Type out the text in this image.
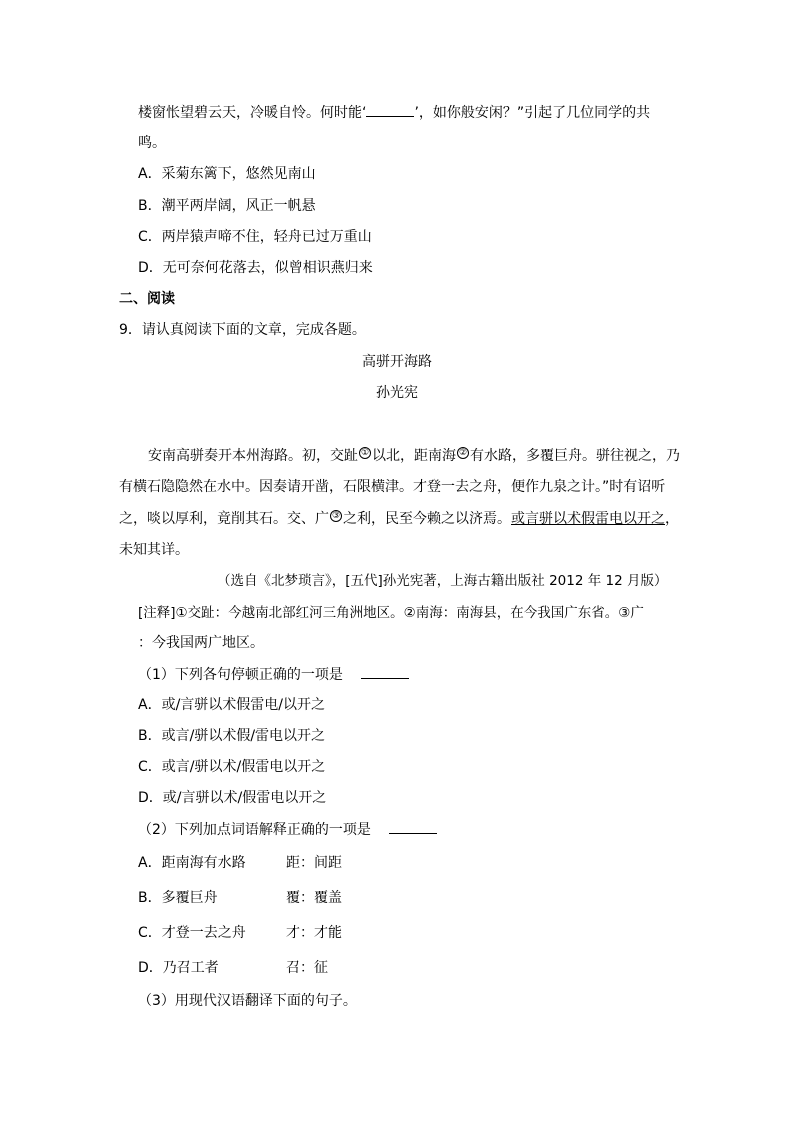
楼窗怅望碧云天，冷暖自怜。何时能‘	’，如你般安闲？”引起了几位同学的共
鸣。
A．采菊东篱下，悠然见南山
B．潮平两岸阔，风正一帆悬
C．两岸猿声啼不住，轻舟已过万重山
D．无可奈何花落去，似曾相识燕归来
二、阅读
9．请认真阅读下面的文章，完成各题。
高骈开海路
孙光宪
安南高骈奏开本州海路。初，交趾 ① 以北，距南海 ② 有水路，多覆巨舟。骈往视之，乃
有横石隐隐然在水中。因奏请开凿，石限横津。才登一去之舟，便作九泉之计。”时有诏听
之，啖以厚利，竟削其石。交、广 ③ 之利，民至今赖之以济焉。或言骈以术假雷电以开之，
未知其详。
（选自《北梦琐言》，[五代]孙光宪著，上海古籍出版社 2012 年 12 月版）
[注释]①交趾：今越南北部红河三角洲地区。②南海：南海县，在今我国广东省。③广
：今我国两广地区。
（1）下列各句停顿正确的一项是
A．或/言骈以术假雷电/以开之
B．或言/骈以术假/雷电以开之
C．或言/骈以术/假雷电以开之
D．或/言骈以术/假雷电以开之
（2）下列加点词语解释正确的一项是
A．距南海有水路	距：间距
B．多覆巨舟	覆：覆盖
C．才登一去之舟	才：才能
D．乃召工者	召：征
（3）用现代汉语翻译下面的句子。
